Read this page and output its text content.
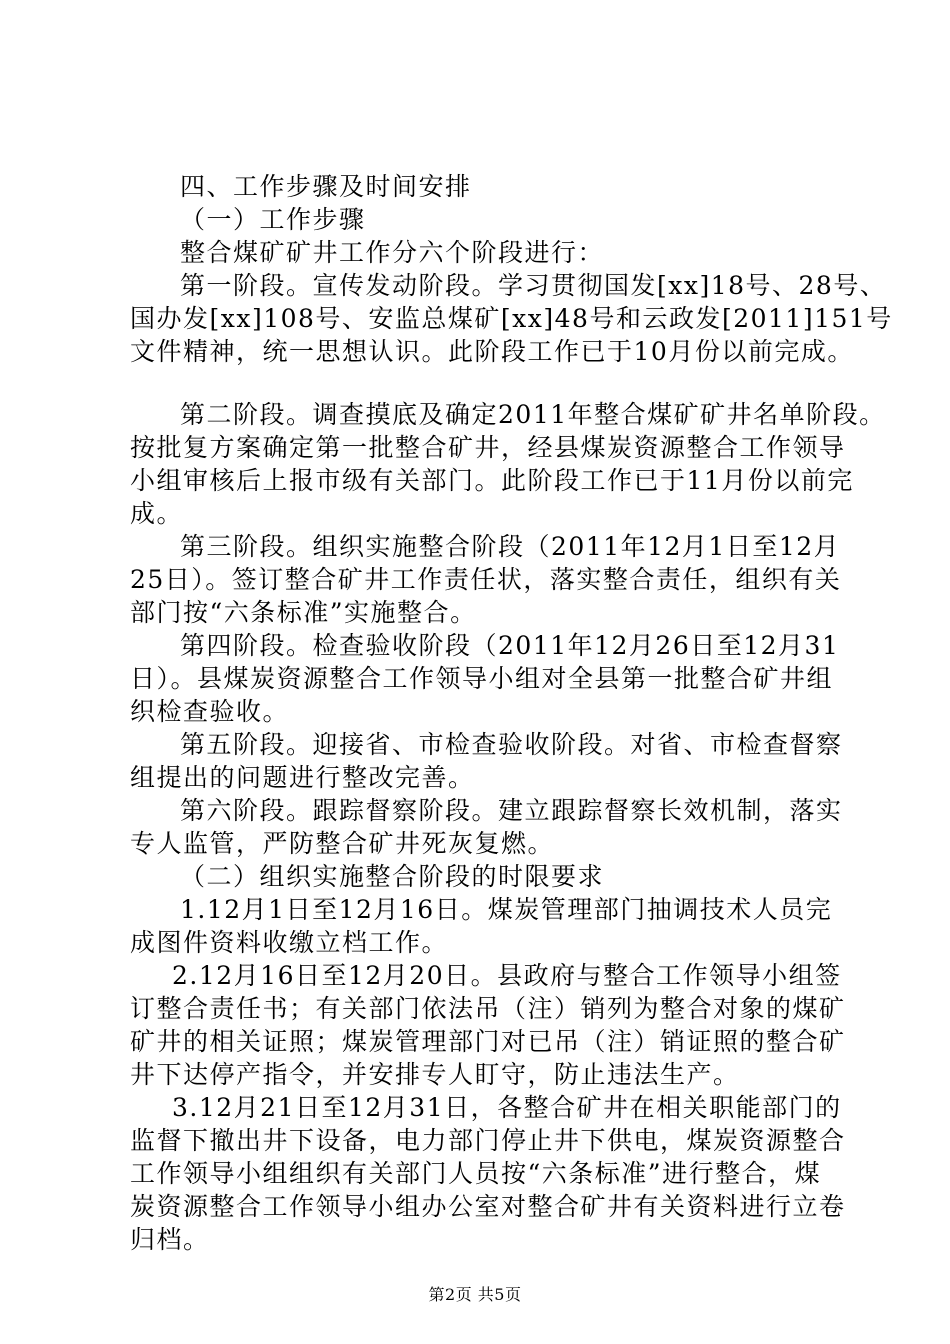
四、工作步骤及时间安排
（一）工作步骤
整合煤矿矿井工作分六个阶段进行：
第一阶段。宣传发动阶段。学习贯彻国发[xx]18号、28号、
国办发[xx]108号、安监总煤矿[xx]48号和云政发[2011]151号
文件精神，统一思想认识。此阶段工作已于10月份以前完成。
第二阶段。调查摸底及确定2011年整合煤矿矿井名单阶段。
按批复方案确定第一批整合矿井，经县煤炭资源整合工作领导
小组审核后上报市级有关部门。此阶段工作已于11月份以前完
成。
第三阶段。组织实施整合阶段（2011年12月1日至12月
25日）。签订整合矿井工作责任状，落实整合责任，组织有关
部门按“六条标准”实施整合。
第四阶段。检查验收阶段（2011年12月26日至12月31
日）。县煤炭资源整合工作领导小组对全县第一批整合矿井组
织检查验收。
第五阶段。迎接省、市检查验收阶段。对省、市检查督察
组提出的问题进行整改完善。
第六阶段。跟踪督察阶段。建立跟踪督察长效机制，落实
专人监管，严防整合矿井死灰复燃。
（二）组织实施整合阶段的时限要求
1.12月1日至12月16日。煤炭管理部门抽调技术人员完
成图件资料收缴立档工作。
2.12月16日至12月20日。县政府与整合工作领导小组签
订整合责任书；有关部门依法吊（注）销列为整合对象的煤矿
矿井的相关证照；煤炭管理部门对已吊（注）销证照的整合矿
井下达停产指令，并安排专人盯守，防止违法生产。
3.12月21日至12月31日，各整合矿井在相关职能部门的
监督下撤出井下设备，电力部门停止井下供电，煤炭资源整合
工作领导小组组织有关部门人员按“六条标准”进行整合，煤
炭资源整合工作领导小组办公室对整合矿井有关资料进行立卷
归档。
第2页 共5页
